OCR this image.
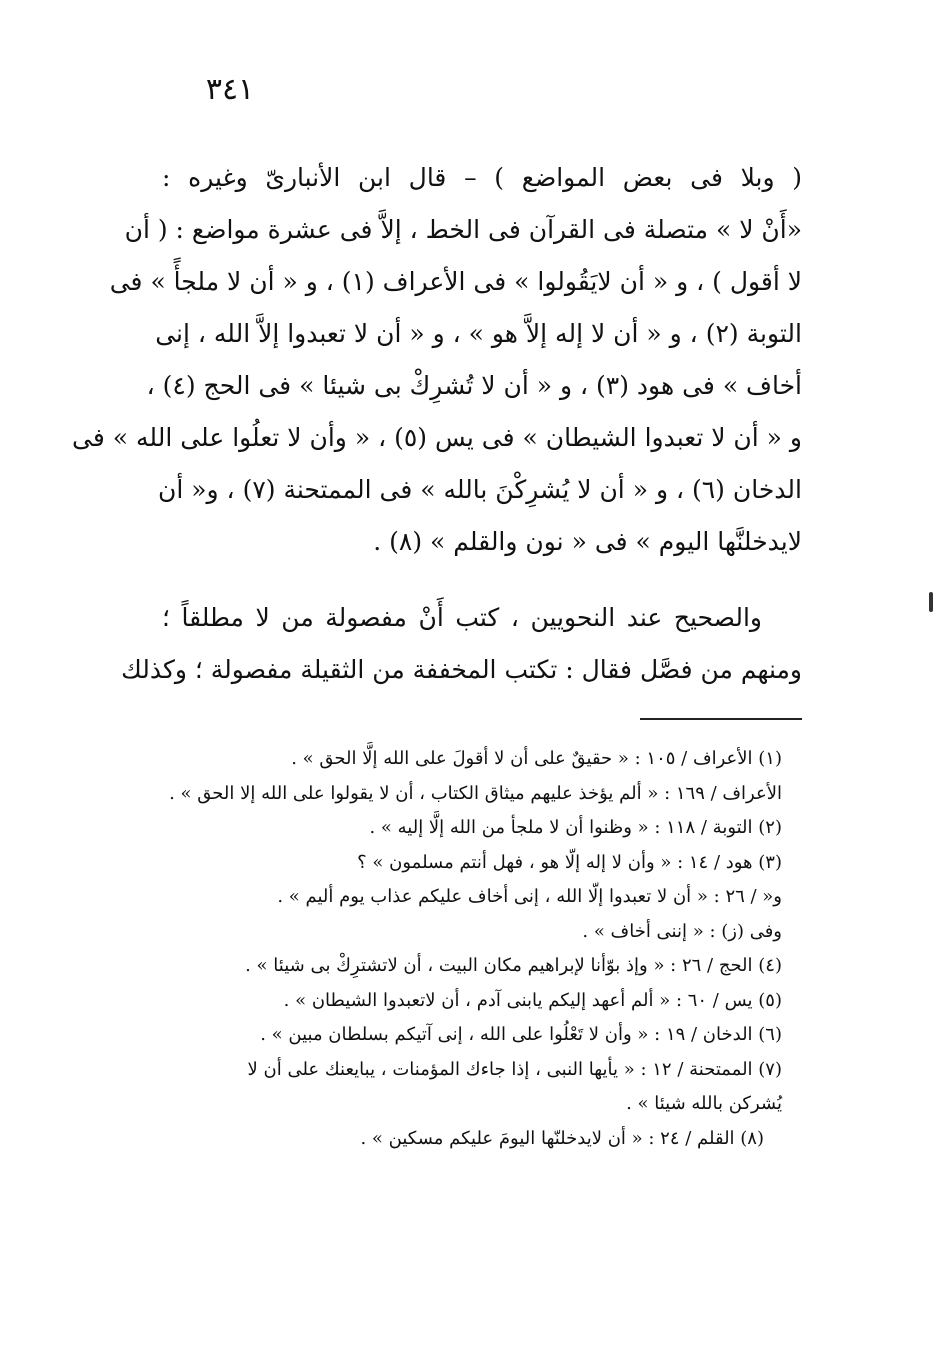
٣٤١
( وبلا فى بعض المواضع ) – قال ابن الأنبارىّ وغيره :
«أَنْ لا » متصلة فى القرآن فى الخط ، إلاَّ فى عشرة مواضع : ( أن
لا أقول ) ، و « أن لايَقُولوا » فى الأعراف (١) ، و « أن لا ملجأً » فى
التوبة (٢) ، و « أن لا إله إلاَّ هو » ، و « أن لا تعبدوا إلاَّ الله ، إنى
أخاف » فى هود (٣) ، و « أن لا تُشرِكْ بى شيئا » فى الحج (٤) ،
و « أن لا تعبدوا الشيطان » فى يس (٥) ، « وأن لا تعلُوا على الله » فى
الدخان (٦) ، و « أن لا يُشرِكْنَ بالله » فى الممتحنة (٧) ، و« أن
لايدخلنَّها اليوم » فى « نون والقلم » (٨) .
والصحيح عند النحويين ، كتب أَنْ مفصولة من لا مطلقاً ؛
ومنهم من فصَّل فقال : تكتب المخففة من الثقيلة مفصولة ؛ وكذلك
(١) الأعراف / ١٠٥ : « حقيقٌ على أن لا أقولَ على الله إلَّا الحق » .
الأعراف / ١٦٩ : « ألم يؤخذ عليهم ميثاق الكتاب ، أن لا يقولوا على الله إلا الحق » .
(٢) التوبة / ١١٨ : « وظنوا أن لا ملجأ من الله إلَّا إليه » .
(٣) هود / ١٤ : « وأن لا إله إلّا هو ، فهل أنتم مسلمون » ؟
و« / ٢٦ : « أن لا تعبدوا إلّا الله ، إنى أخاف عليكم عذاب يوم أليم » .
وفى (ز) : « إننى أخاف » .
(٤) الحج / ٢٦ : « وإذ بوّأنا لإبراهيم مكان البيت ، أن لاتشترِكْ بى شيئا » .
(٥) يس / ٦٠ : « ألم أعهد إليكم يابنى آدم ، أن لاتعبدوا الشيطان » .
(٦) الدخان / ١٩ : « وأن لا تَعْلُوا على الله ، إنى آتيكم بسلطان مبين » .
(٧) الممتحنة / ١٢ : « يأيها النبى ، إذا جاءك المؤمنات ، يبايعنك على أن لا
يُشركن بالله شيئا » .
(٨) القلم / ٢٤ : « أن لايدخلنّها اليومَ عليكم مسكين » .
